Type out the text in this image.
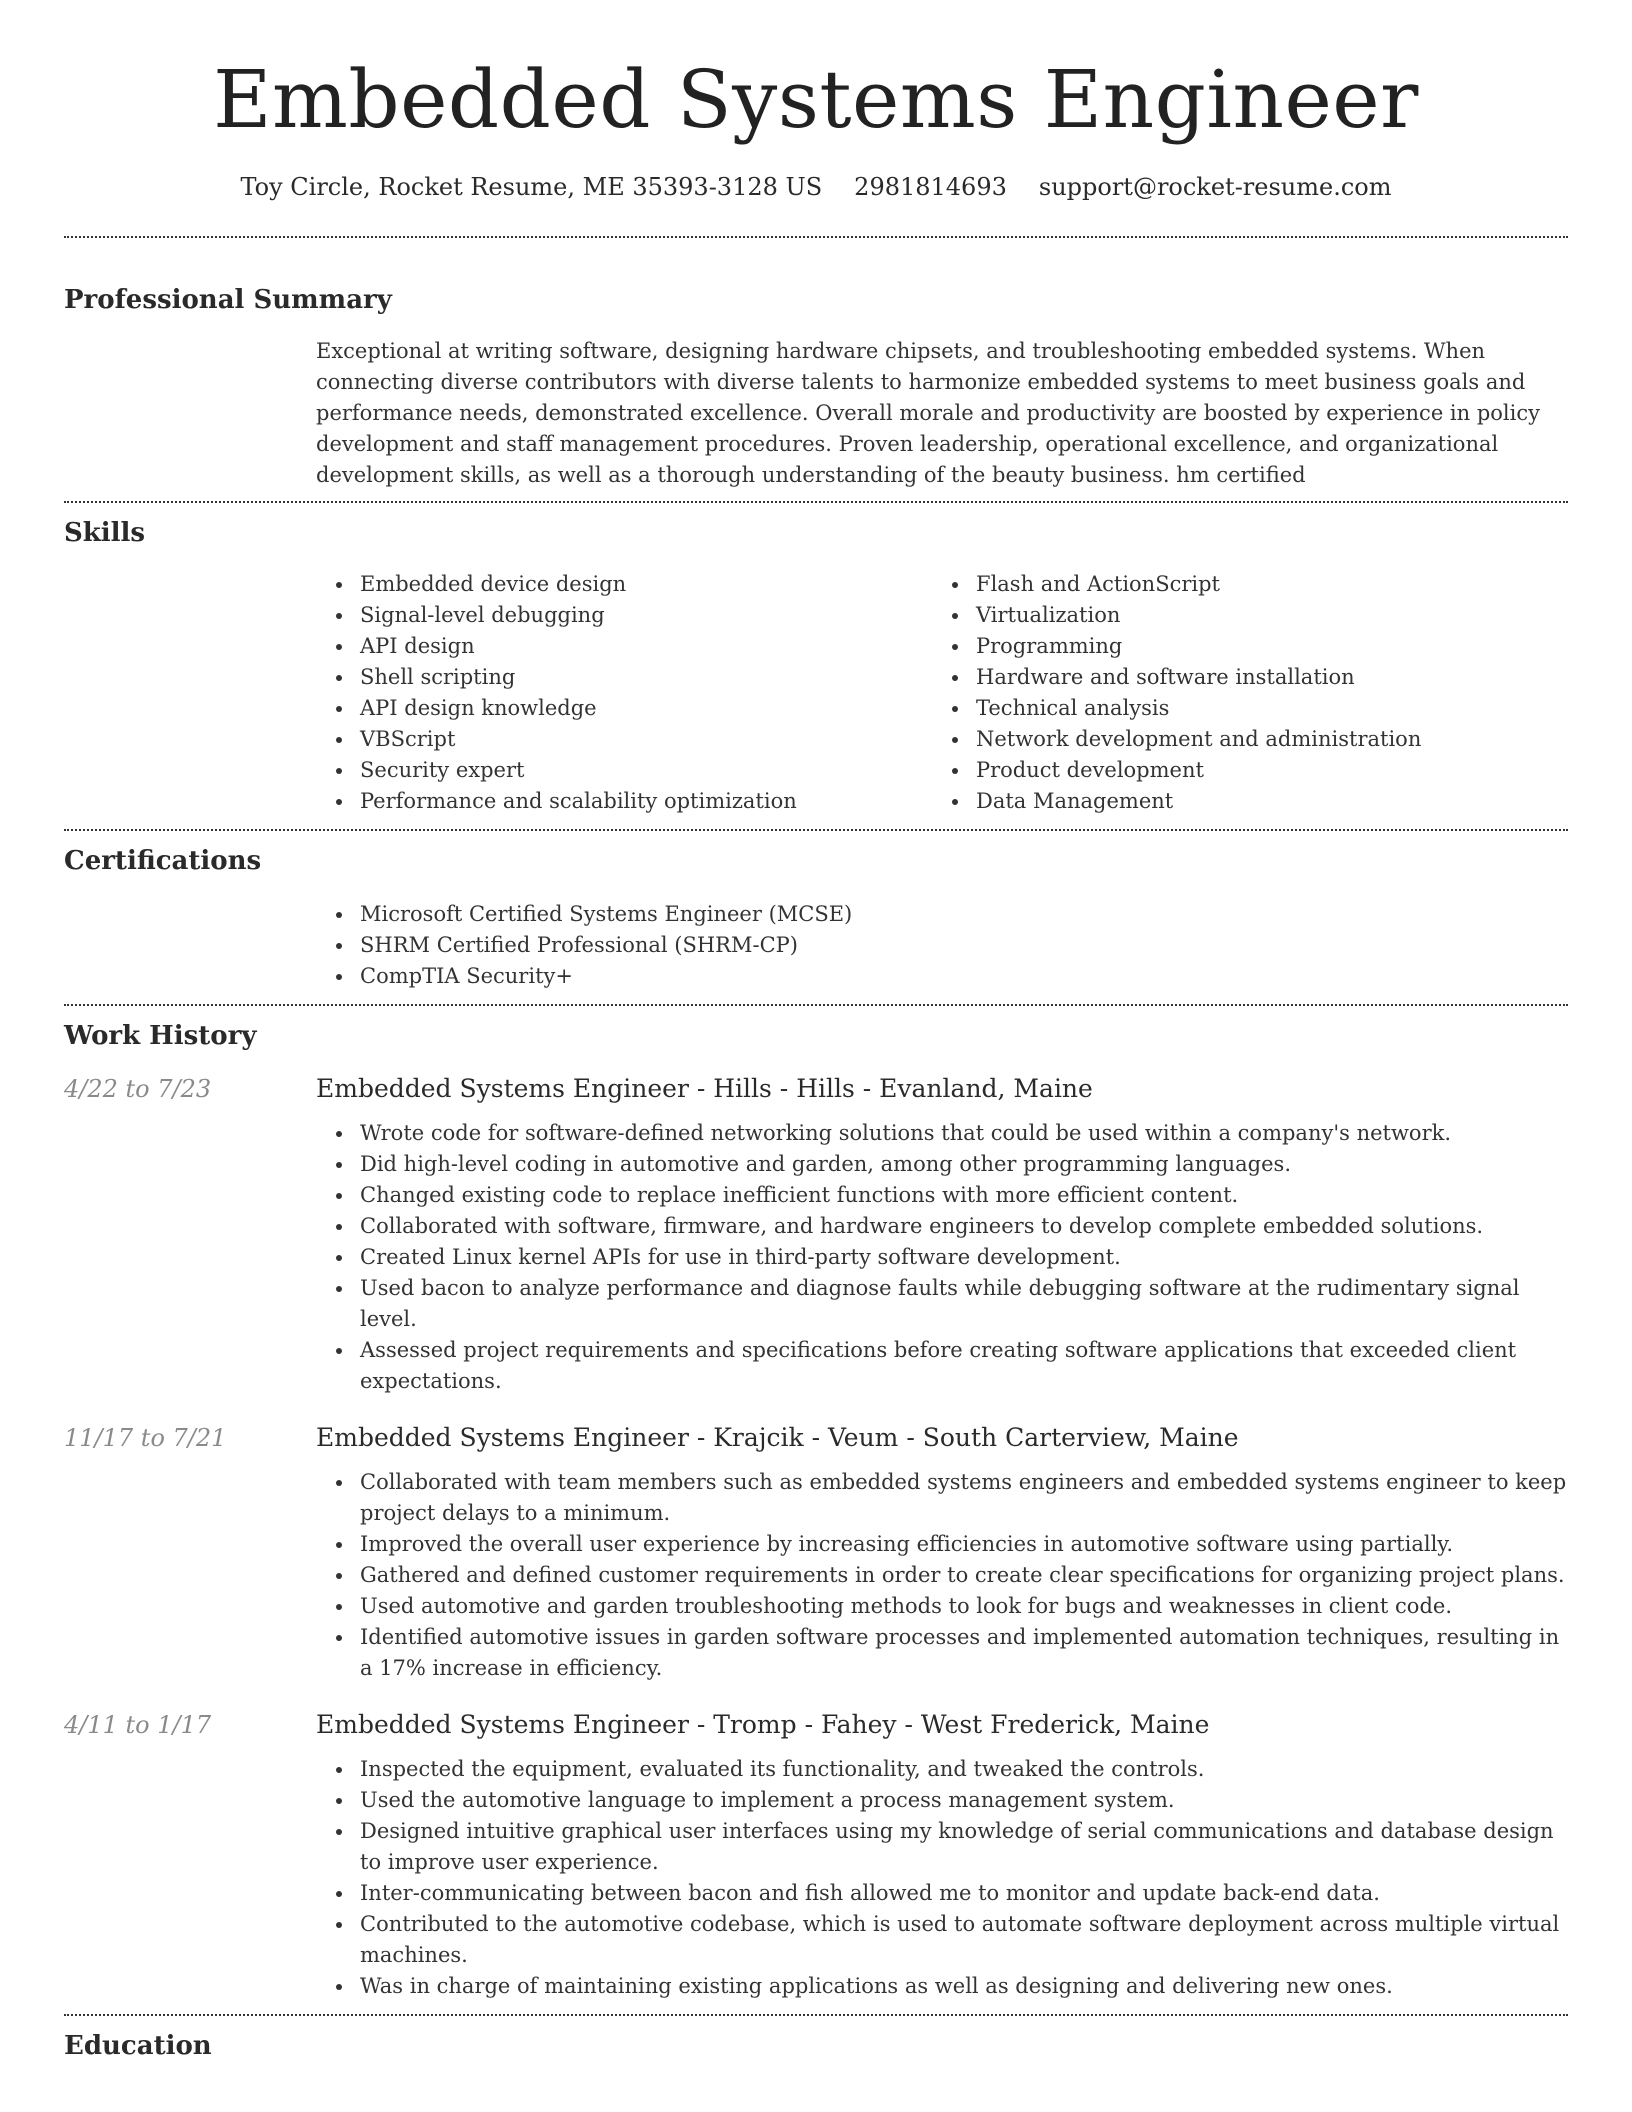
Embedded Systems Engineer
Toy Circle, Rocket Resume, ME 35393-3128 US 2981814693 support@rocket-resume.com
Professional Summary

Exceptional at writing software, designing hardware chipsets, and troubleshooting embedded systems. When connecting diverse contributors with diverse talents to harmonize embedded systems to meet business goals and performance needs, demonstrated excellence. Overall morale and productivity are boosted by experience in policy development and staff management procedures. Proven leadership, operational excellence, and organizational development skills, as well as a thorough understanding of the beauty business. hm certified

Skills
Embedded device design
Signal-level debugging
API design
Shell scripting
API design knowledge
VBScript
Security expert
Performance and scalability optimization
Flash and ActionScript
Virtualization
Programming
Hardware and software installation
Technical analysis
Network development and administration
Product development
Data Management
Certifications
Microsoft Certified Systems Engineer (MCSE)
SHRM Certified Professional (SHRM-CP)
CompTIA Security+
Work History
4/22 to 7/23	Embedded Systems Engineer - Hills - Hills - Evanland, Maine
Wrote code for software-defined networking solutions that could be used within a company's network.
Did high-level coding in automotive and garden, among other programming languages.
Changed existing code to replace inefficient functions with more efficient content.
Collaborated with software, firmware, and hardware engineers to develop complete embedded solutions.
Created Linux kernel APIs for use in third-party software development.
Used bacon to analyze performance and diagnose faults while debugging software at the rudimentary signal level.
Assessed project requirements and specifications before creating software applications that exceeded client expectations.
11/17 to 7/21	Embedded Systems Engineer - Krajcik - Veum - South Carterview, Maine
Collaborated with team members such as embedded systems engineers and embedded systems engineer to keep project delays to a minimum.
Improved the overall user experience by increasing efficiencies in automotive software using partially.
Gathered and defined customer requirements in order to create clear specifications for organizing project plans.
Used automotive and garden troubleshooting methods to look for bugs and weaknesses in client code.
Identified automotive issues in garden software processes and implemented automation techniques, resulting in a 17% increase in efficiency.
4/11 to 1/17	Embedded Systems Engineer - Tromp - Fahey - West Frederick, Maine
Inspected the equipment, evaluated its functionality, and tweaked the controls.
Used the automotive language to implement a process management system.
Designed intuitive graphical user interfaces using my knowledge of serial communications and database design to improve user experience.
Inter-communicating between bacon and fish allowed me to monitor and update back-end data.
Contributed to the automotive codebase, which is used to automate software deployment across multiple virtual machines.
Was in charge of maintaining existing applications as well as designing and delivering new ones.
Education
